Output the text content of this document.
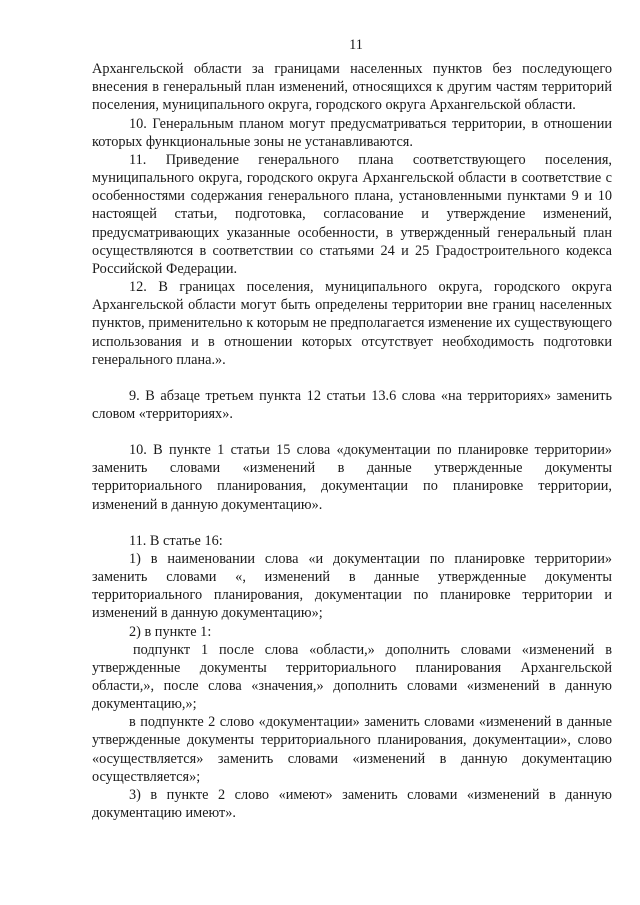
11

Архангельской области за границами населенных пунктов без последующего внесения в генеральный план изменений, относящихся к другим частям территорий поселения, муниципального округа, городского округа Архангельской области.

10. Генеральным планом могут предусматриваться территории, в отношении которых функциональные зоны не устанавливаются.

11. Приведение генерального плана соответствующего поселения, муниципального округа, городского округа Архангельской области в соответствие с особенностями содержания генерального плана, установленными пунктами 9 и 10 настоящей статьи, подготовка, согласование и утверждение изменений, предусматривающих указанные особенности, в утвержденный генеральный план осуществляются в соответствии со статьями 24 и 25 Градостроительного кодекса Российской Федерации.

12. В границах поселения, муниципального округа, городского округа Архангельской области могут быть определены территории вне границ населенных пунктов, применительно к которым не предполагается изменение их существующего использования и в отношении которых отсутствует необходимость подготовки генерального плана.».

9. В абзаце третьем пункта 12 статьи 13.6 слова «на территориях» заменить словом «территориях».

10. В пункте 1 статьи 15 слова «документации по планировке территории» заменить словами «изменений в данные утвержденные документы территориального планирования, документации по планировке территории, изменений в данную документацию».

11. В статье 16:

1) в наименовании слова «и документации по планировке территории» заменить словами «, изменений в данные утвержденные документы территориального планирования, документации по планировке территории и изменений в данную документацию»;

2) в пункте 1:

подпункт 1 после слова «области,» дополнить словами «изменений в утвержденные документы территориального планирования Архангельской области,», после слова «значения,» дополнить словами «изменений в данную документацию,»;

в подпункте 2 слово «документации» заменить словами «изменений в данные утвержденные документы территориального планирования, документации», слово «осуществляется» заменить словами «изменений в данную документацию осуществляется»;

3) в пункте 2 слово «имеют» заменить словами «изменений в данную документацию имеют».
